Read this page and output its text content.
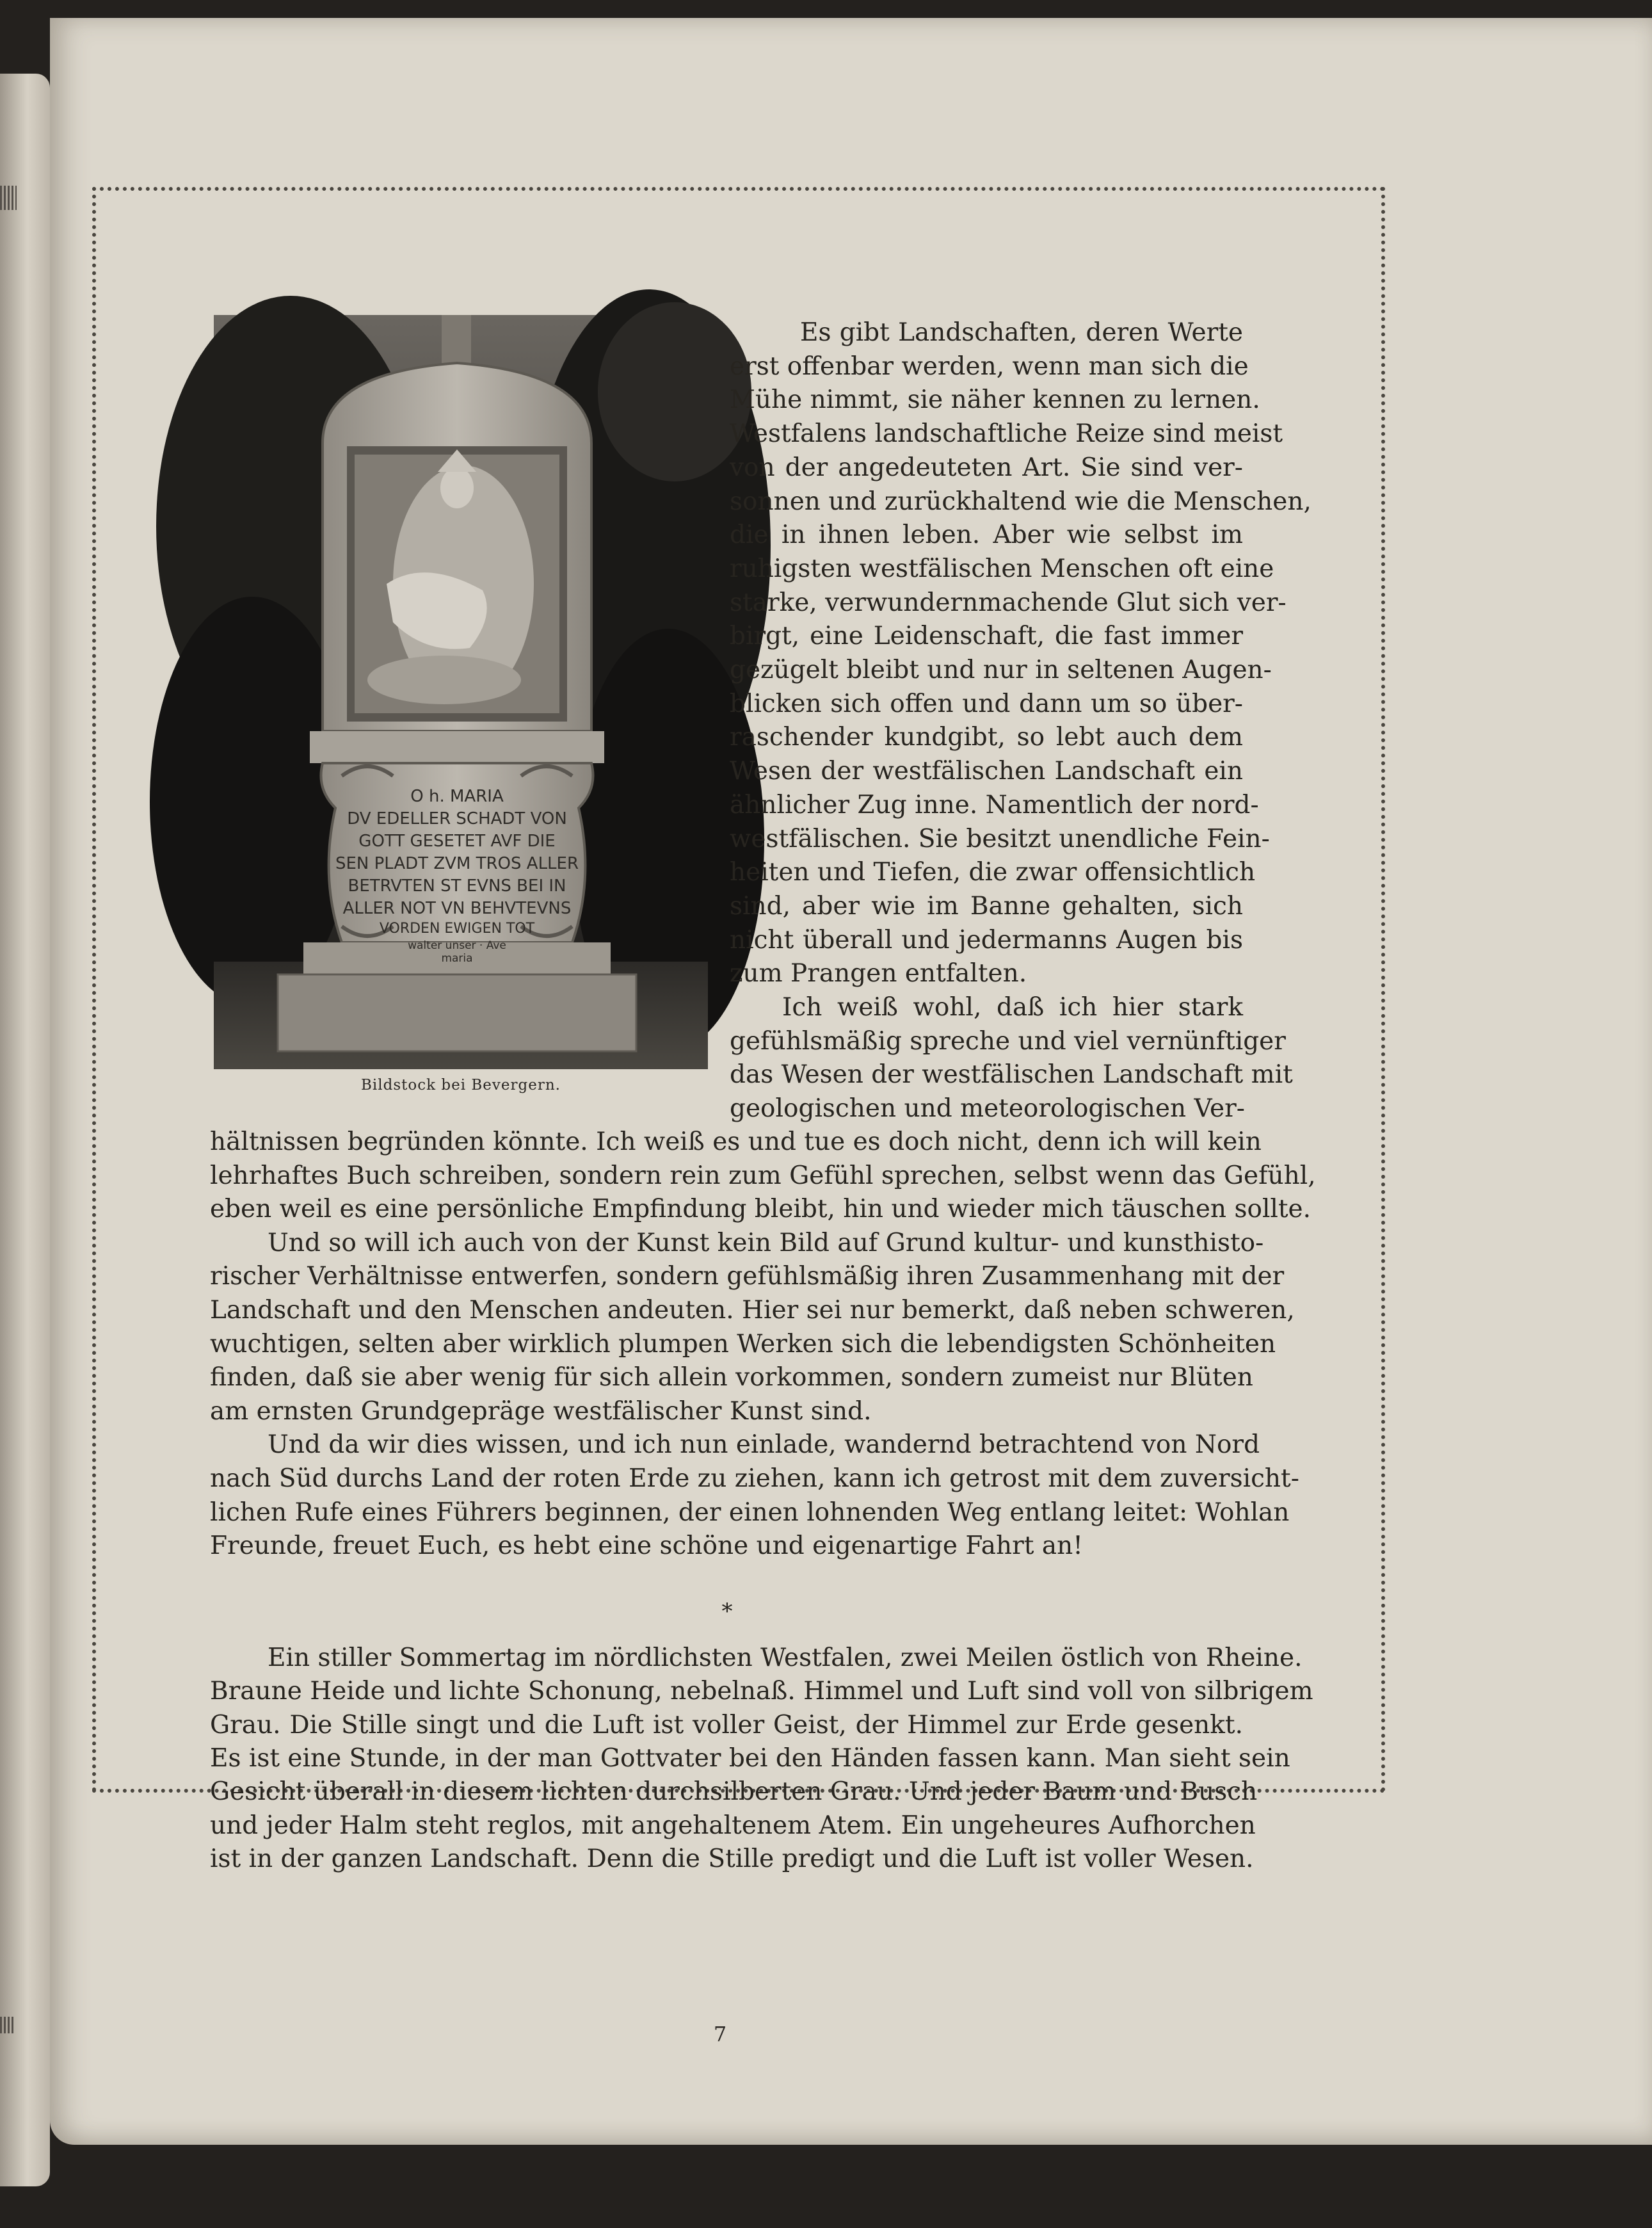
O h. MARIA
DV EDELLER SCHADT VON
GOTT GESETET AVF DIE
SEN PLADT ZVM TROS ALLER
BETRVTEN ST EVNS BEI IN
ALLER NOT VN BEHVTEVNS
VORDEN EWIGEN TOT
walter unser · Ave
maria
Bildstock bei Bevergern.
Es gibt Landschaften, deren Werte
erst offenbar werden, wenn man sich die
Mühe nimmt, sie näher kennen zu lernen.
Westfalens landschaftliche Reize sind meist
von der angedeuteten Art. Sie sind ver-
sonnen und zurückhaltend wie die Menschen,
die in ihnen leben. Aber wie selbst im
ruhigsten westfälischen Menschen oft eine
starke, verwundernmachende Glut sich ver-
birgt, eine Leidenschaft, die fast immer
gezügelt bleibt und nur in seltenen Augen-
blicken sich offen und dann um so über-
raschender kundgibt, so lebt auch dem
Wesen der westfälischen Landschaft ein
ähnlicher Zug inne. Namentlich der nord-
westfälischen. Sie besitzt unendliche Fein-
heiten und Tiefen, die zwar offensichtlich
sind, aber wie im Banne gehalten, sich
nicht überall und jedermanns Augen bis
zum Prangen entfalten.
Ich weiß wohl, daß ich hier stark
gefühlsmäßig spreche und viel vernünftiger
das Wesen der westfälischen Landschaft mit
geologischen und meteorologischen Ver-
hältnissen begründen könnte. Ich weiß es und tue es doch nicht, denn ich will kein
lehrhaftes Buch schreiben, sondern rein zum Gefühl sprechen, selbst wenn das Gefühl,
eben weil es eine persönliche Empfindung bleibt, hin und wieder mich täuschen sollte.
Und so will ich auch von der Kunst kein Bild auf Grund kultur- und kunsthisto-
rischer Verhältnisse entwerfen, sondern gefühlsmäßig ihren Zusammenhang mit der
Landschaft und den Menschen andeuten. Hier sei nur bemerkt, daß neben schweren,
wuchtigen, selten aber wirklich plumpen Werken sich die lebendigsten Schönheiten
finden, daß sie aber wenig für sich allein vorkommen, sondern zumeist nur Blüten
am ernsten Grundgepräge westfälischer Kunst sind.
Und da wir dies wissen, und ich nun einlade, wandernd betrachtend von Nord
nach Süd durchs Land der roten Erde zu ziehen, kann ich getrost mit dem zuversicht-
lichen Rufe eines Führers beginnen, der einen lohnenden Weg entlang leitet: Wohlan
Freunde, freuet Euch, es hebt eine schöne und eigenartige Fahrt an!
*
Ein stiller Sommertag im nördlichsten Westfalen, zwei Meilen östlich von Rheine.
Braune Heide und lichte Schonung, nebelnaß. Himmel und Luft sind voll von silbrigem
Grau. Die Stille singt und die Luft ist voller Geist, der Himmel zur Erde gesenkt.
Es ist eine Stunde, in der man Gottvater bei den Händen fassen kann. Man sieht sein
Gesicht überall in diesem lichten durchsilberten Grau. Und jeder Baum und Busch
und jeder Halm steht reglos, mit angehaltenem Atem. Ein ungeheures Aufhorchen
ist in der ganzen Landschaft. Denn die Stille predigt und die Luft ist voller Wesen.
7
